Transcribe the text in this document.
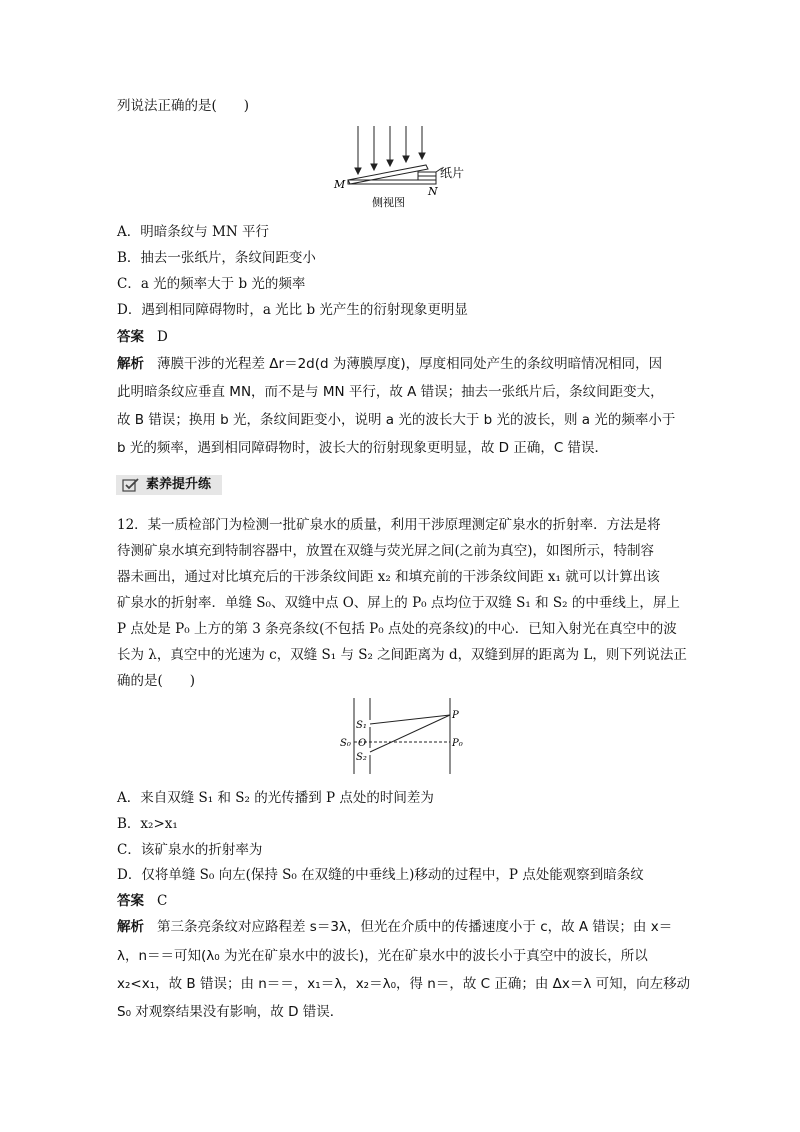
列说法正确的是(　　)
M
N
纸片
侧视图
A．明暗条纹与 MN 平行
B．抽去一张纸片，条纹间距变小
C．a 光的频率大于 b 光的频率
D．遇到相同障碍物时，a 光比 b 光产生的衍射现象更明显
答案 D
解析 薄膜干涉的光程差 Δr＝2d(d 为薄膜厚度)，厚度相同处产生的条纹明暗情况相同，因
此明暗条纹应垂直 MN，而不是与 MN 平行，故 A 错误；抽去一张纸片后，条纹间距变大，
故 B 错误；换用 b 光，条纹间距变小，说明 a 光的波长大于 b 光的波长，则 a 光的频率小于
b 光的频率，遇到相同障碍物时，波长大的衍射现象更明显，故 D 正确，C 错误．
素养提升练
12．某一质检部门为检测一批矿泉水的质量，利用干涉原理测定矿泉水的折射率．方法是将
待测矿泉水填充到特制容器中，放置在双缝与荧光屏之间(之前为真空)，如图所示，特制容
器未画出，通过对比填充后的干涉条纹间距 x₂ 和填充前的干涉条纹间距 x₁ 就可以计算出该
矿泉水的折射率．单缝 S₀、双缝中点 O、屏上的 P₀ 点均位于双缝 S₁ 和 S₂ 的中垂线上，屏上
P 点处是 P₀ 上方的第 3 条亮条纹(不包括 P₀ 点处的亮条纹)的中心．已知入射光在真空中的波
长为 λ，真空中的光速为 c，双缝 S₁ 与 S₂ 之间距离为 d，双缝到屏的距离为 L，则下列说法正
确的是(　　)
S₁
S₀ O
S₂
P
P₀
A．来自双缝 S₁ 和 S₂ 的光传播到 P 点处的时间差为
B．x₂>x₁
C．该矿泉水的折射率为
D．仅将单缝 S₀ 向左(保持 S₀ 在双缝的中垂线上)移动的过程中，P 点处能观察到暗条纹
答案 C
解析 第三条亮条纹对应路程差 s＝3λ，但光在介质中的传播速度小于 c，故 A 错误；由 x＝
λ，n＝＝可知(λ₀ 为光在矿泉水中的波长)，光在矿泉水中的波长小于真空中的波长，所以
x₂<x₁，故 B 错误；由 n＝＝，x₁＝λ，x₂＝λ₀，得 n＝，故 C 正确；由 Δx＝λ 可知，向左移动
S₀ 对观察结果没有影响，故 D 错误．
